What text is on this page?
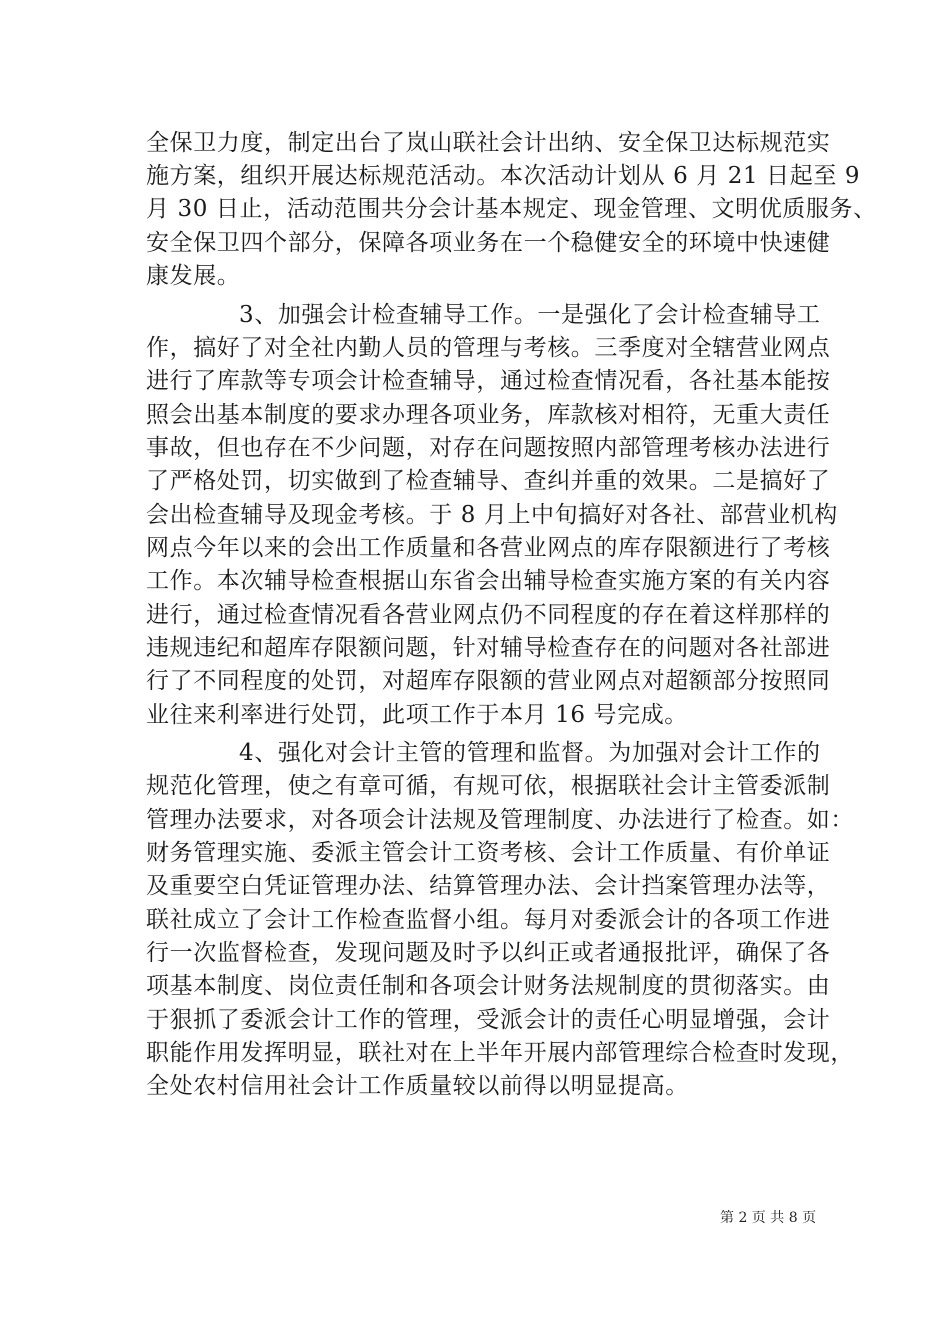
全保卫力度，制定出台了岚山联社会计出纳、安全保卫达标规范实
施方案，组织开展达标规范活动。本次活动计划从 6 月 21 日起至 9
月 30 日止，活动范围共分会计基本规定、现金管理、文明优质服务、
安全保卫四个部分，保障各项业务在一个稳健安全的环境中快速健
康发展。
3、加强会计检查辅导工作。一是强化了会计检查辅导工
作，搞好了对全社内勤人员的管理与考核。三季度对全辖营业网点
进行了库款等专项会计检查辅导，通过检查情况看，各社基本能按
照会出基本制度的要求办理各项业务，库款核对相符，无重大责任
事故，但也存在不少问题，对存在问题按照内部管理考核办法进行
了严格处罚，切实做到了检查辅导、查纠并重的效果。二是搞好了
会出检查辅导及现金考核。于 8 月上中旬搞好对各社、部营业机构
网点今年以来的会出工作质量和各营业网点的库存限额进行了考核
工作。本次辅导检查根据山东省会出辅导检查实施方案的有关内容
进行，通过检查情况看各营业网点仍不同程度的存在着这样那样的
违规违纪和超库存限额问题，针对辅导检查存在的问题对各社部进
行了不同程度的处罚，对超库存限额的营业网点对超额部分按照同
业往来利率进行处罚，此项工作于本月 16 号完成。
4、强化对会计主管的管理和监督。为加强对会计工作的
规范化管理，使之有章可循，有规可依，根据联社会计主管委派制
管理办法要求，对各项会计法规及管理制度、办法进行了检查。如：
财务管理实施、委派主管会计工资考核、会计工作质量、有价单证
及重要空白凭证管理办法、结算管理办法、会计挡案管理办法等，
联社成立了会计工作检查监督小组。每月对委派会计的各项工作进
行一次监督检查，发现问题及时予以纠正或者通报批评，确保了各
项基本制度、岗位责任制和各项会计财务法规制度的贯彻落实。由
于狠抓了委派会计工作的管理，受派会计的责任心明显增强，会计
职能作用发挥明显，联社对在上半年开展内部管理综合检查时发现，
全处农村信用社会计工作质量较以前得以明显提高。
第 2 页 共 8 页
